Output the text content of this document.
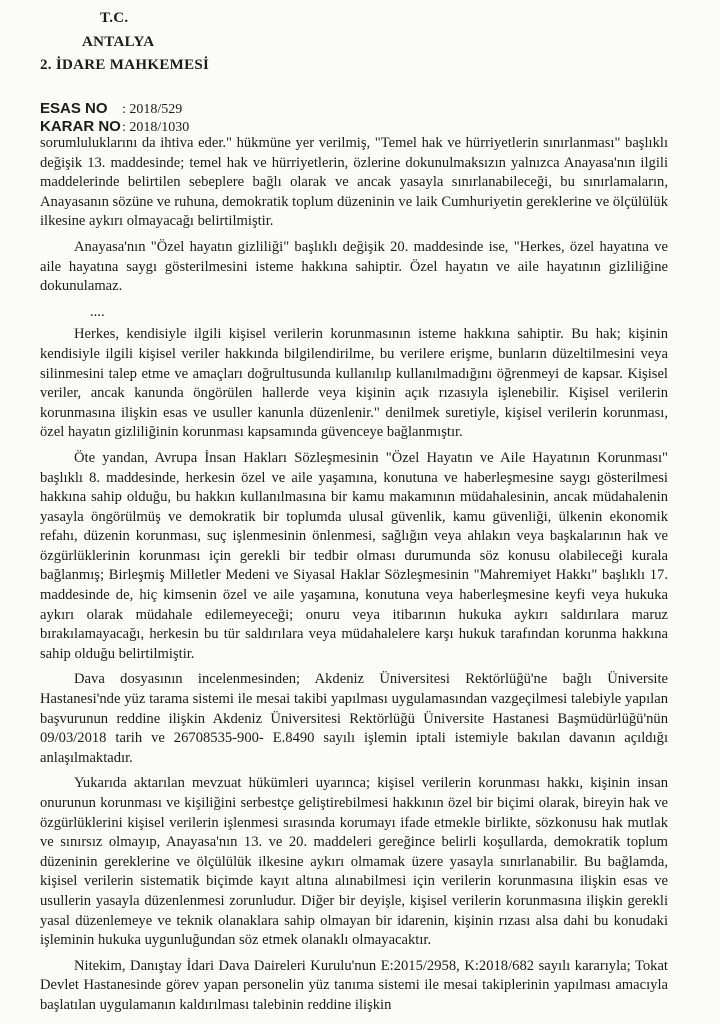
T.C.
ANTALYA
2. İDARE MAHKEMESİ
ESAS NO : 2018/529
KARAR NO: 2018/1030

sorumluluklarını da ihtiva eder." hükmüne yer verilmiş, "Temel hak ve hürriyetlerin sınırlanması" başlıklı değişik 13. maddesinde; temel hak ve hürriyetlerin, özlerine dokunulmaksızın yalnızca Anayasa'nın ilgili maddelerinde belirtilen sebeplere bağlı olarak ve ancak yasayla sınırlanabileceği, bu sınırlamaların, Anayasanın sözüne ve ruhuna, demokratik toplum düzeninin ve laik Cumhuriyetin gereklerine ve ölçülülük ilkesine aykırı olmayacağı belirtilmiştir.

Anayasa'nın "Özel hayatın gizliliği" başlıklı değişik 20. maddesinde ise, "Herkes, özel hayatına ve aile hayatına saygı gösterilmesini isteme hakkına sahiptir. Özel hayatın ve aile hayatının gizliliğine dokunulamaz.

....

Herkes, kendisiyle ilgili kişisel verilerin korunmasının isteme hakkına sahiptir. Bu hak; kişinin kendisiyle ilgili kişisel veriler hakkında bilgilendirilme, bu verilere erişme, bunların düzeltilmesini veya silinmesini talep etme ve amaçları doğrultusunda kullanılıp kullanılmadığını öğrenmeyi de kapsar. Kişisel veriler, ancak kanunda öngörülen hallerde veya kişinin açık rızasıyla işlenebilir. Kişisel verilerin korunmasına ilişkin esas ve usuller kanunla düzenlenir." denilmek suretiyle, kişisel verilerin korunması, özel hayatın gizliliğinin korunması kapsamında güvenceye bağlanmıştır.

Öte yandan, Avrupa İnsan Hakları Sözleşmesinin "Özel Hayatın ve Aile Hayatının Korunması" başlıklı 8. maddesinde, herkesin özel ve aile yaşamına, konutuna ve haberleşmesine saygı gösterilmesi hakkına sahip olduğu, bu hakkın kullanılmasına bir kamu makamının müdahalesinin, ancak müdahalenin yasayla öngörülmüş ve demokratik bir toplumda ulusal güvenlik, kamu güvenliği, ülkenin ekonomik refahı, düzenin korunması, suç işlenmesinin önlenmesi, sağlığın veya ahlakın veya başkalarının hak ve özgürlüklerinin korunması için gerekli bir tedbir olması durumunda söz konusu olabileceği kurala bağlanmış; Birleşmiş Milletler Medeni ve Siyasal Haklar Sözleşmesinin "Mahremiyet Hakkı" başlıklı 17. maddesinde de, hiç kimsenin özel ve aile yaşamına, konutuna veya haberleşmesine keyfi veya hukuka aykırı olarak müdahale edilemeyeceği; onuru veya itibarının hukuka aykırı saldırılara maruz bırakılamayacağı, herkesin bu tür saldırılara veya müdahalelere karşı hukuk tarafından korunma hakkına sahip olduğu belirtilmiştir.

Dava dosyasının incelenmesinden; Akdeniz Üniversitesi Rektörlüğü'ne bağlı Üniversite Hastanesi'nde yüz tarama sistemi ile mesai takibi yapılması uygulamasından vazgeçilmesi talebiyle yapılan başvurunun reddine ilişkin Akdeniz Üniversitesi Rektörlüğü Üniversite Hastanesi Başmüdürlüğü'nün 09/03/2018 tarih ve 26708535-900- E.8490 sayılı işlemin iptali istemiyle bakılan davanın açıldığı anlaşılmaktadır.

Yukarıda aktarılan mevzuat hükümleri uyarınca; kişisel verilerin korunması hakkı, kişinin insan onurunun korunması ve kişiliğini serbestçe geliştirebilmesi hakkının özel bir biçimi olarak, bireyin hak ve özgürlüklerini kişisel verilerin işlenmesi sırasında korumayı ifade etmekle birlikte, sözkonusu hak mutlak ve sınırsız olmayıp, Anayasa'nın 13. ve 20. maddeleri gereğince belirli koşullarda, demokratik toplum düzeninin gereklerine ve ölçülülük ilkesine aykırı olmamak üzere yasayla sınırlanabilir. Bu bağlamda, kişisel verilerin sistematik biçimde kayıt altına alınabilmesi için verilerin korunmasına ilişkin esas ve usullerin yasayla düzenlenmesi zorunludur. Diğer bir deyişle, kişisel verilerin korunmasına ilişkin gerekli yasal düzenlemeye ve teknik olanaklara sahip olmayan bir idarenin, kişinin rızası alsa dahi bu konudaki işleminin hukuka uygunluğundan söz etmek olanaklı olmayacaktır.

Nitekim, Danıştay İdari Dava Daireleri Kurulu'nun E:2015/2958, K:2018/682 sayılı kararıyla; Tokat Devlet Hastanesinde görev yapan personelin yüz tanıma sistemi ile mesai takiplerinin yapılması amacıyla başlatılan uygulamanın kaldırılması talebinin reddine ilişkin
